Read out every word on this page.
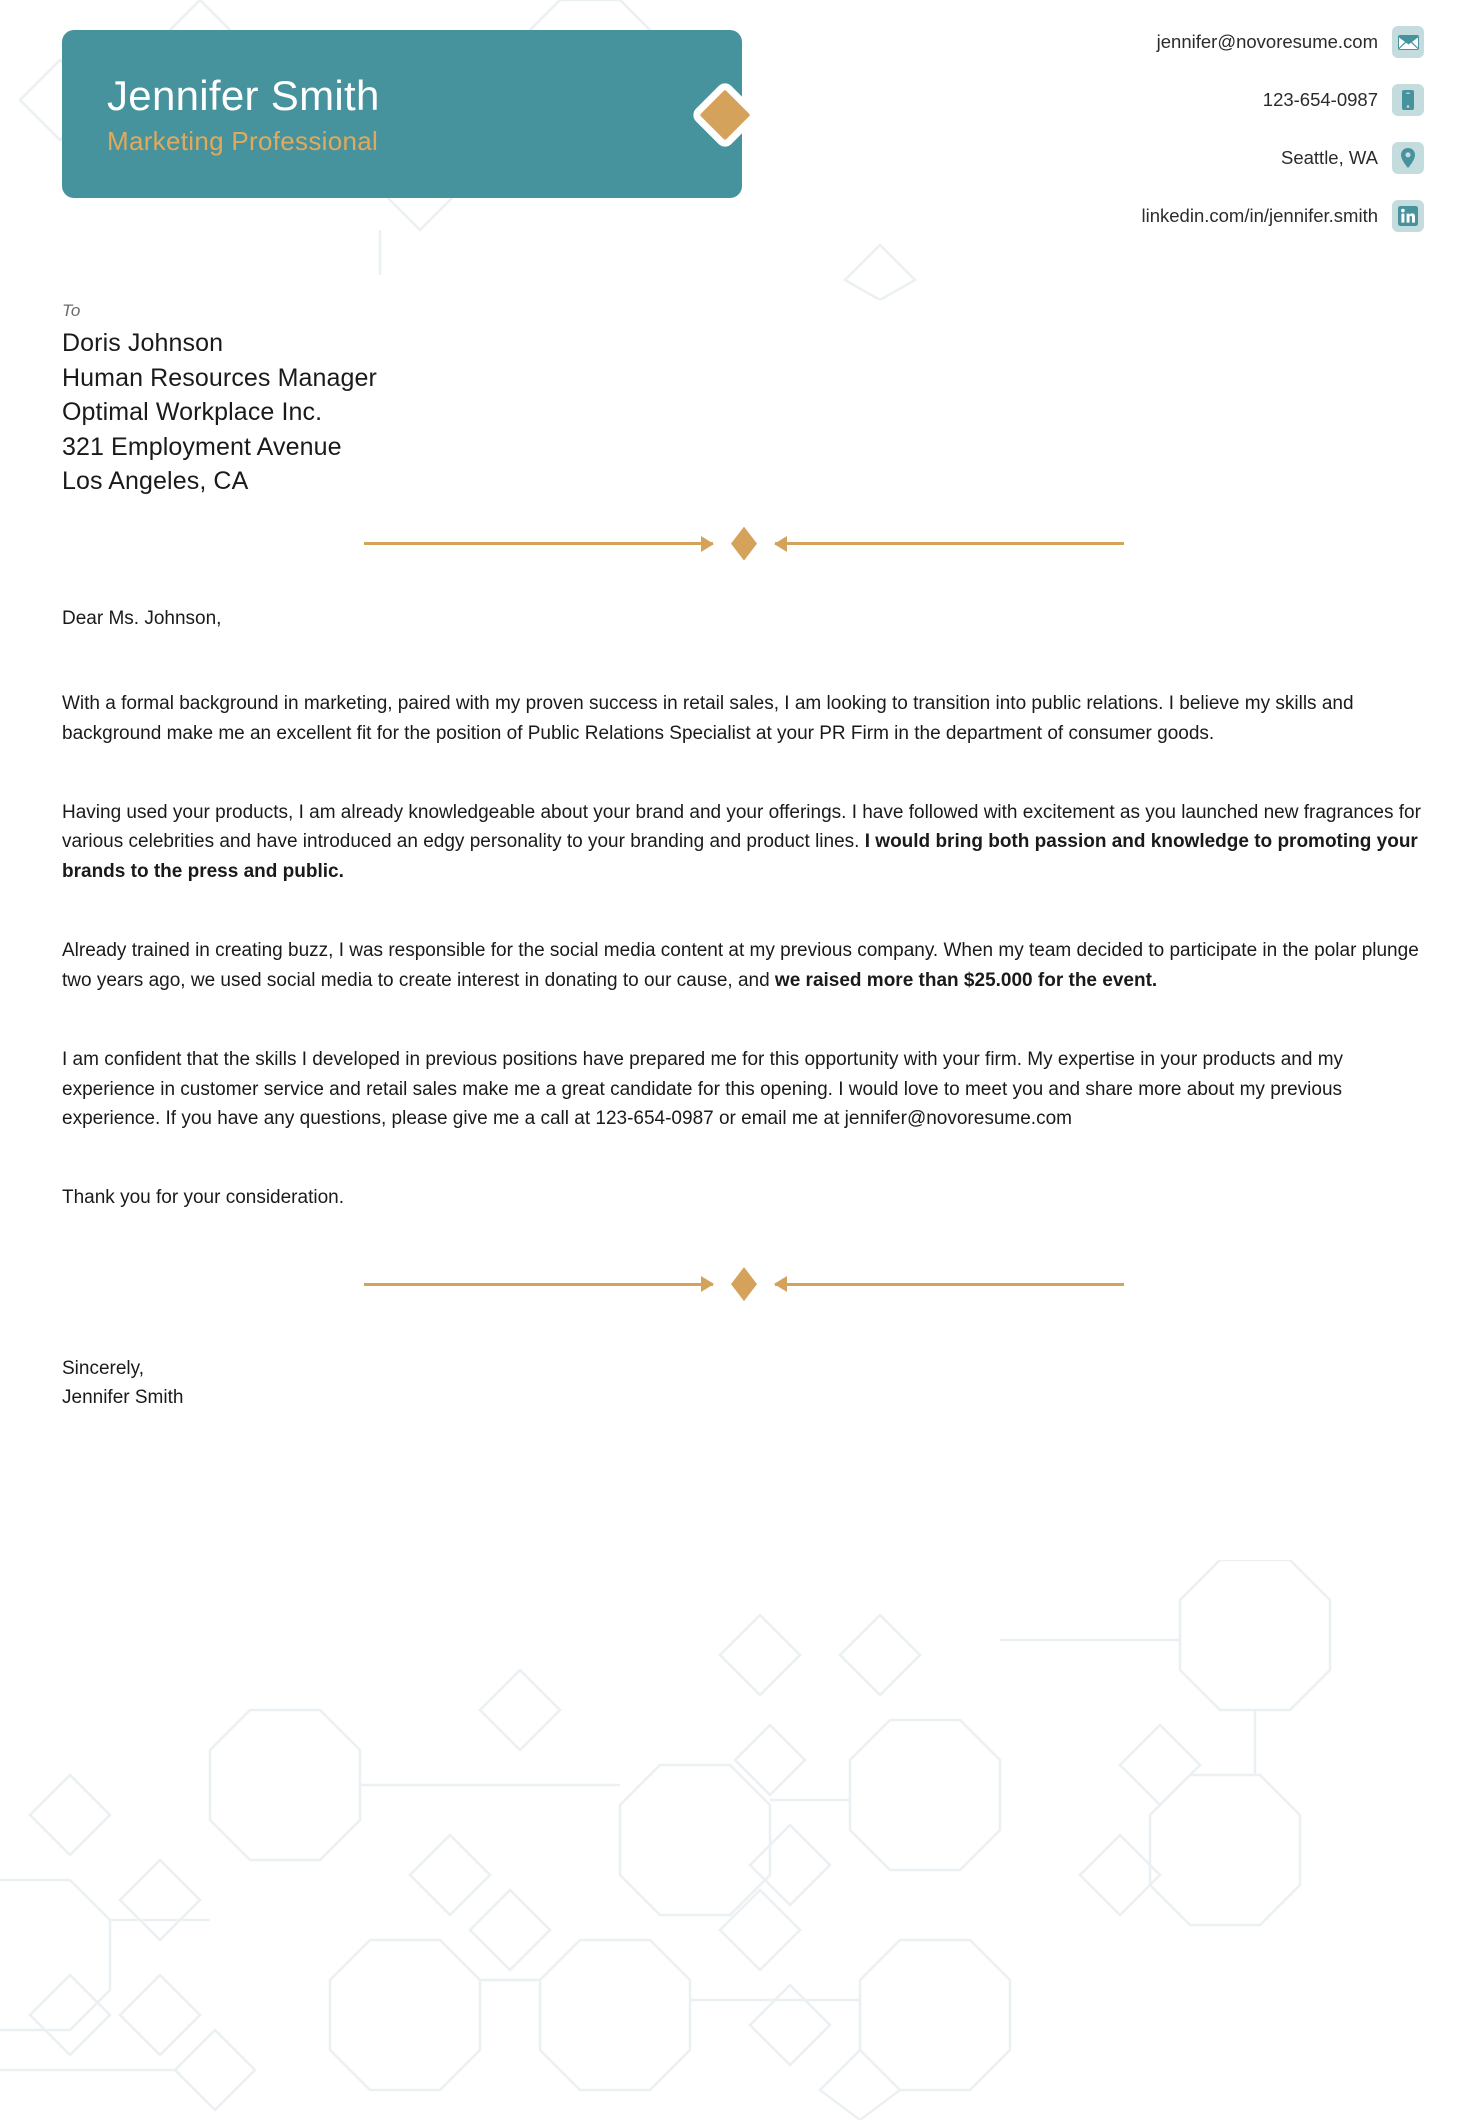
Jennifer Smith
Marketing Professional
jennifer@novoresume.com
123-654-0987
Seattle, WA
linkedin.com/in/jennifer.smith
To
Doris Johnson
Human Resources Manager
Optimal Workplace Inc.
321 Employment Avenue
Los Angeles, CA

Dear Ms. Johnson,

With a formal background in marketing, paired with my proven success in retail sales, I am looking to transition into public relations. I believe my skills and background make me an excellent fit for the position of Public Relations Specialist at your PR Firm in the department of consumer goods.

Having used your products, I am already knowledgeable about your brand and your offerings. I have followed with excitement as you launched new fragrances for various celebrities and have introduced an edgy personality to your branding and product lines. I would bring both passion and knowledge to promoting your brands to the press and public.

Already trained in creating buzz, I was responsible for the social media content at my previous company. When my team decided to participate in the polar plunge two years ago, we used social media to create interest in donating to our cause, and we raised more than $25.000 for the event.

I am confident that the skills I developed in previous positions have prepared me for this opportunity with your firm. My expertise in your products and my experience in customer service and retail sales make me a great candidate for this opening. I would love to meet you and share more about my previous experience. If you have any questions, please give me a call at 123-654-0987 or email me at jennifer@novoresume.com

Thank you for your consideration.

Sincerely,
Jennifer Smith
